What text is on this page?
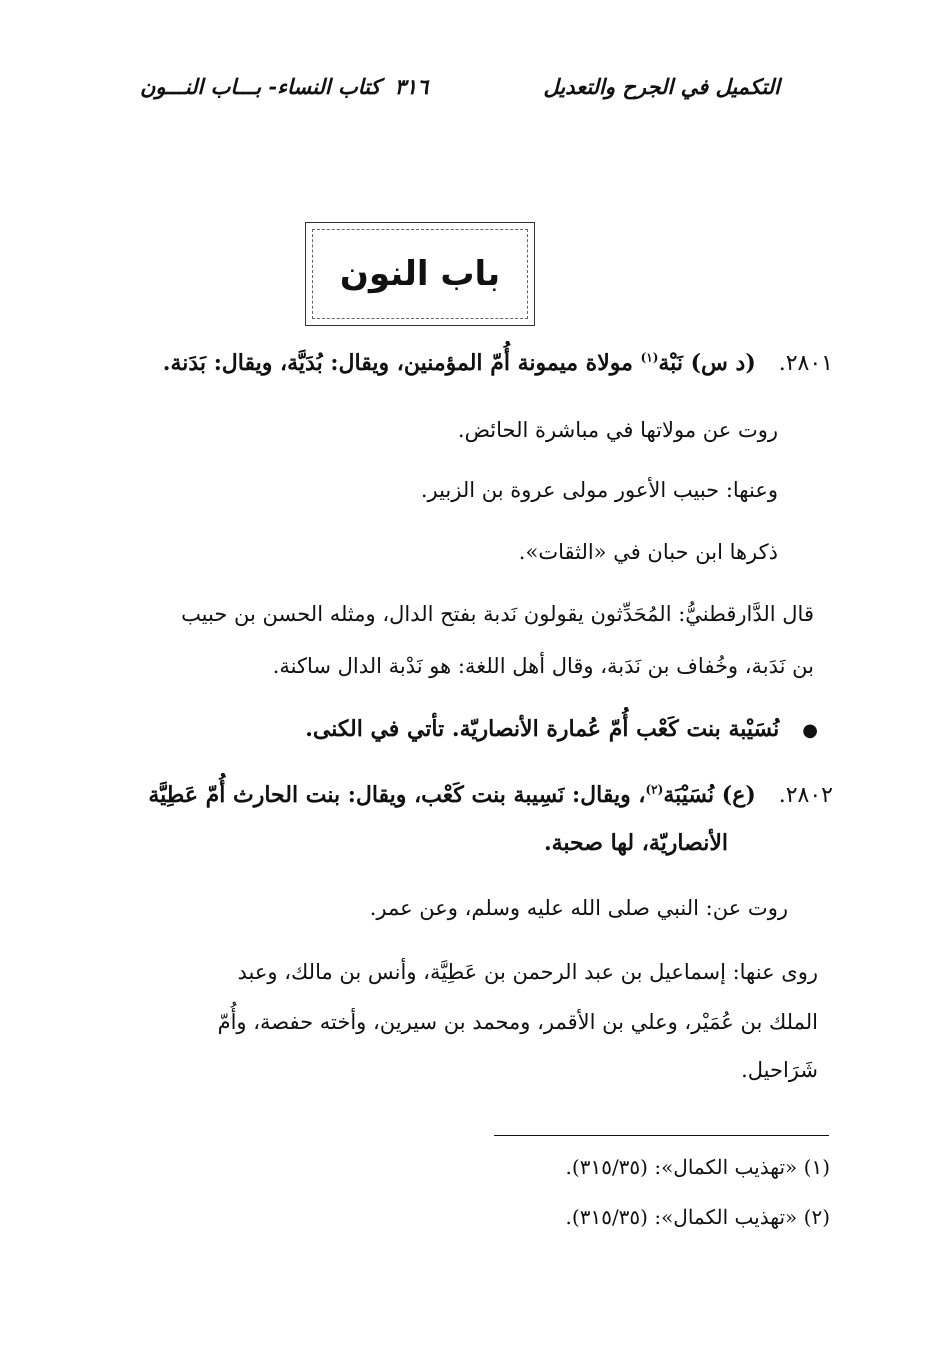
التكميل في الجرح والتعديل
٣١٦
كتاب النساء- بـــاب النـــون
باب النون
٢٨٠١.   (د س) نَبْة$^{(١)}$ مولاة ميمونة أُمّ المؤمنين، ويقال: بُدَيَّة، ويقال: بَدَنة.
روت عن مولاتها في مباشرة الحائض.
وعنها: حبيب الأعور مولى عروة بن الزبير.
ذكرها ابن حبان في «الثقات».
قال الدَّارقطنيُّ: المُحَدِّثون يقولون نَدبة بفتح الدال، ومثله الحسن بن حبيب
بن نَدَبة، وخُفاف بن نَدَبة، وقال أهل اللغة: هو نَدْبة الدال ساكنة.
●   نُسَيْبة بنت كَعْب أُمّ عُمارة الأنصاريّة. تأتي في الكنى.
٢٨٠٢.   (ع) نُسَيْبَة$^{(٢)}$، ويقال: نَسِيبة بنت كَعْب، ويقال: بنت الحارث أُمّ عَطِيَّة
الأنصاريّة، لها صحبة.
روت عن: النبي صلى الله عليه وسلم، وعن عمر.
روى عنها: إسماعيل بن عبد الرحمن بن عَطِيَّة، وأنس بن مالك، وعبد
الملك بن عُمَيْر، وعلي بن الأقمر، ومحمد بن سيرين، وأخته حفصة، وأُمّ
شَرَاحيل.
(١) «تهذيب الكمال»: (٣١٥/٣٥).
(٢) «تهذيب الكمال»: (٣١٥/٣٥).
